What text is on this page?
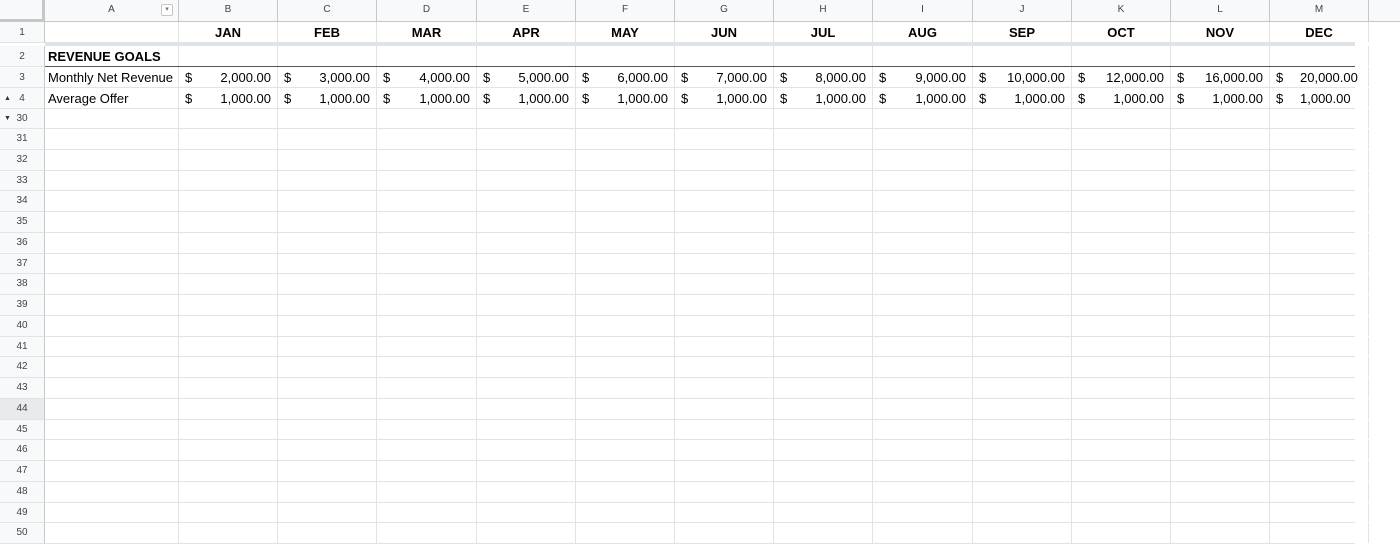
A	▾	B	C	D	E	F	G	H	I	J	K	L	M
1
2
3
4
▲
30
▼
31
32
33
34
35
36
37
38
39
40
41
42
43
44
45
46
47
48
49
50
JAN	FEB	MAR	APR	MAY	JUN	JUL	AUG	SEP	OCT	NOV	DEC
REVENUE GOALS
Monthly Net Revenue $ 2,000.00 $ 3,000.00 $ 4,000.00 $ 5,000.00 $ 6,000.00 $ 7,000.00 $ 8,000.00 $ 9,000.00 $ 10,000.00 $ 12,000.00 $ 16,000.00 $ 20,000.00
Average Offer	$ 1,000.00 $ 1,000.00 $ 1,000.00 $ 1,000.00 $ 1,000.00 $ 1,000.00 $ 1,000.00 $ 1,000.00 $ 1,000.00 $ 1,000.00 $ 1,000.00 $ 1,000.00
